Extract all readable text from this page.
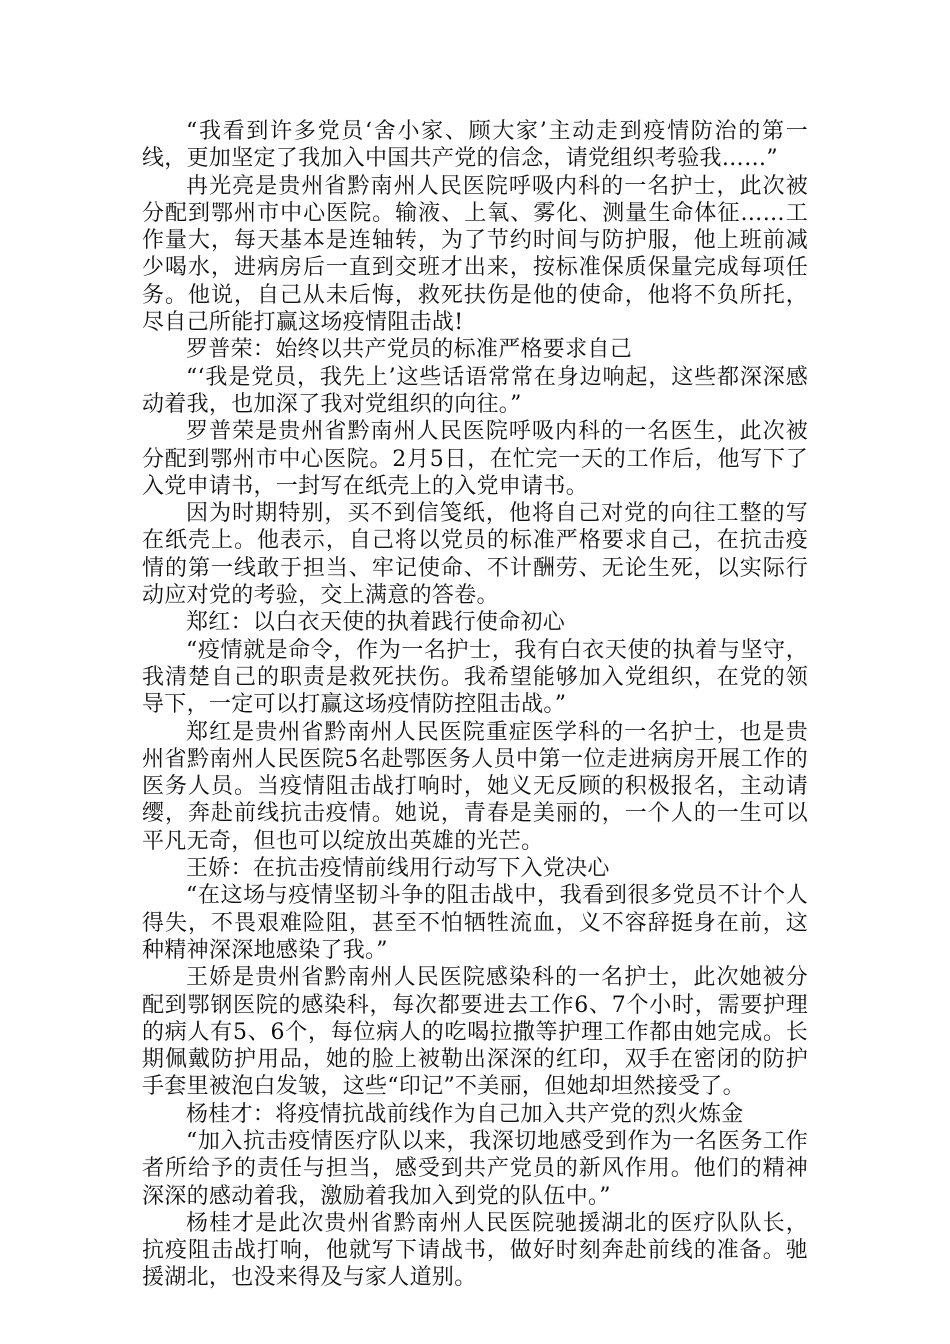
“我看到许多党员‘舍小家、顾大家’主动走到疫情防治的第一线，更加坚定了我加入中国共产党的信念，请党组织考验我……”

冉光亮是贵州省黔南州人民医院呼吸内科的一名护士，此次被分配到鄂州市中心医院。输液、上氧、雾化、测量生命体征……工作量大，每天基本是连轴转，为了节约时间与防护服，他上班前减少喝水，进病房后一直到交班才出来，按标准保质保量完成每项任务。他说，自己从未后悔，救死扶伤是他的使命，他将不负所托，尽自己所能打赢这场疫情阻击战!

罗普荣：始终以共产党员的标准严格要求自己

“‘我是党员，我先上’这些话语常常在身边响起，这些都深深感动着我，也加深了我对党组织的向往。”

罗普荣是贵州省黔南州人民医院呼吸内科的一名医生，此次被分配到鄂州市中心医院。2月5日，在忙完一天的工作后，他写下了入党申请书，一封写在纸壳上的入党申请书。

因为时期特别，买不到信笺纸，他将自己对党的向往工整的写在纸壳上。他表示，自己将以党员的标准严格要求自己，在抗击疫情的第一线敢于担当、牢记使命、不计酬劳、无论生死，以实际行动应对党的考验，交上满意的答卷。

郑红：以白衣天使的执着践行使命初心

“疫情就是命令，作为一名护士，我有白衣天使的执着与坚守，我清楚自己的职责是救死扶伤。我希望能够加入党组织，在党的领导下，一定可以打赢这场疫情防控阻击战。”

郑红是贵州省黔南州人民医院重症医学科的一名护士，也是贵州省黔南州人民医院5名赴鄂医务人员中第一位走进病房开展工作的医务人员。当疫情阻击战打响时，她义无反顾的积极报名，主动请缨，奔赴前线抗击疫情。她说，青春是美丽的，一个人的一生可以平凡无奇，但也可以绽放出英雄的光芒。

王娇：在抗击疫情前线用行动写下入党决心

“在这场与疫情坚韧斗争的阻击战中，我看到很多党员不计个人得失，不畏艰难险阻，甚至不怕牺牲流血，义不容辞挺身在前，这种精神深深地感染了我。”

王娇是贵州省黔南州人民医院感染科的一名护士，此次她被分配到鄂钢医院的感染科，每次都要进去工作6、7个小时，需要护理的病人有5、6个，每位病人的吃喝拉撒等护理工作都由她完成。长期佩戴防护用品，她的脸上被勒出深深的红印，双手在密闭的防护手套里被泡白发皱，这些“印记”不美丽，但她却坦然接受了。

杨桂才：将疫情抗战前线作为自己加入共产党的烈火炼金

“加入抗击疫情医疗队以来，我深切地感受到作为一名医务工作者所给予的责任与担当，感受到共产党员的新风作用。他们的精神深深的感动着我，激励着我加入到党的队伍中。”

杨桂才是此次贵州省黔南州人民医院驰援湖北的医疗队队长，抗疫阻击战打响，他就写下请战书，做好时刻奔赴前线的准备。驰援湖北，也没来得及与家人道别。
